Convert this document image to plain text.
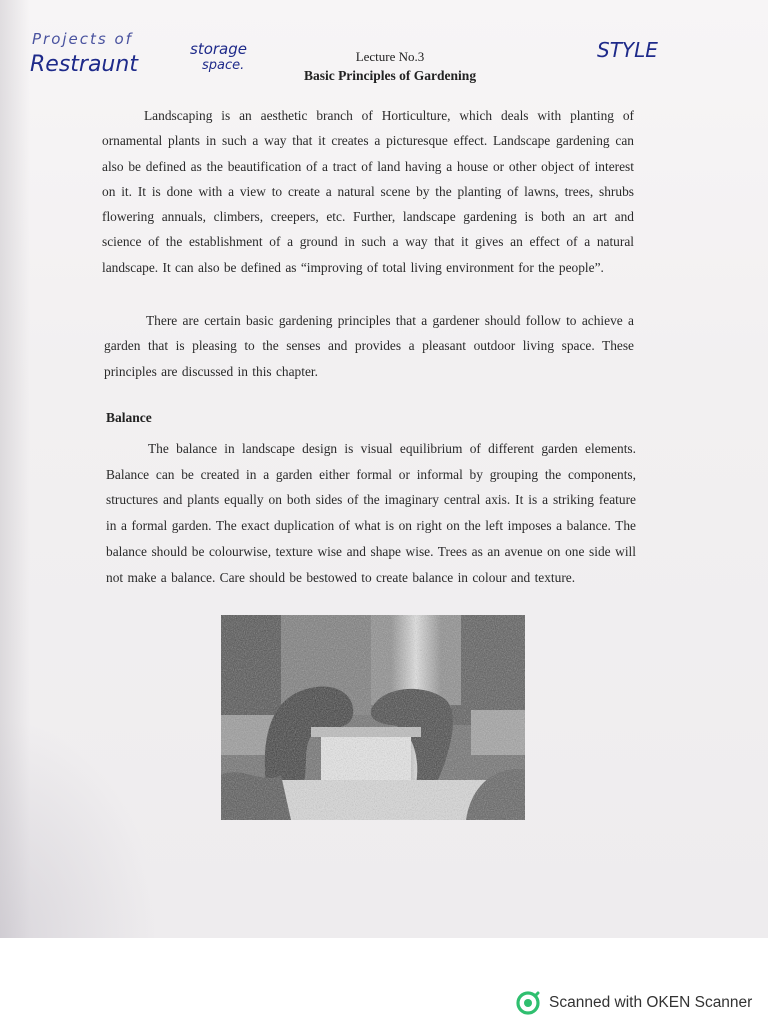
Projects of
Restraunt
storage
space.
STYLE
Lecture No.3
Basic Principles of Gardening

Landscaping is an aesthetic branch of Horticulture, which deals with planting of ornamental plants in such a way that it creates a picturesque effect. Landscape gardening can also be defined as the beautification of a tract of land having a house or other object of interest on it. It is done with a view to create a natural scene by the planting of lawns, trees, shrubs flowering annuals, climbers, creepers, etc. Further, landscape gardening is both an art and science of the establishment of a ground in such a way that it gives an effect of a natural landscape. It can also be defined as “improving of total living environment for the people”.

There are certain basic gardening principles that a gardener should follow to achieve a garden that is pleasing to the senses and provides a pleasant outdoor living space. These principles are discussed in this chapter.

Balance

The balance in landscape design is visual equilibrium of different garden elements. Balance can be created in a garden either formal or informal by grouping the components, structures and plants equally on both sides of the imaginary central axis. It is a striking feature in a formal garden. The exact duplication of what is on right on the left imposes a balance. The balance should be colourwise, texture wise and shape wise. Trees as an avenue on one side will not make a balance. Care should be bestowed to create balance in colour and texture.

Scanned with OKEN Scanner
